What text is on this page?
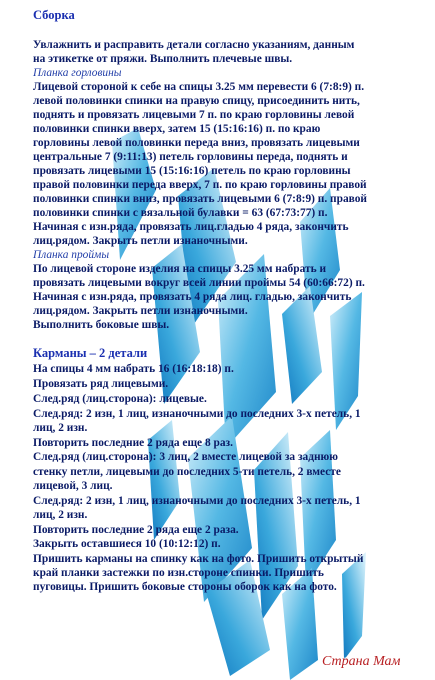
Сборка

Увлажнить и расправить детали согласно указаниям, данным

на этикетке от пряжи. Выполнить плечевые швы.

Планка горловины

Лицевой стороной к себе на спицы 3.25 мм перевести 6 (7:8:9) п.

левой половинки спинки на правую спицу, присоединить нить,

поднять и провязать лицевыми 7 п. по краю горловины левой

половинки спинки вверх, затем 15 (15:16:16) п. по краю

горловины левой половинки переда вниз, провязать лицевыми

центральные 7 (9:11:13) петель горловины переда, поднять и

провязать лицевыми 15 (15:16:16) петель по краю горловины

правой половинки переда вверх, 7 п. по краю горловины правой

половинки спинки вниз, провязать лицевыми 6 (7:8:9) п. правой

половинки спинки с вязальной булавки = 63 (67:73:77) п.

Начиная с изн.ряда, провязать лиц.гладью 4 ряда, закончить

лиц.рядом. Закрыть петли изнаночными.

Планка проймы

По лицевой стороне изделия на спицы 3.25 мм набрать и

провязать лицевыми вокруг всей линии проймы 54 (60:66:72) п.

Начиная с изн.ряда, провязать 4 ряда лиц. гладью, закончить

лиц.рядом. Закрыть петли изнаночными.

Выполнить боковые швы.

Карманы – 2 детали

На спицы 4 мм набрать 16 (16:18:18) п.

Провязать ряд лицевыми.

След.ряд (лиц.сторона): лицевые.

След.ряд: 2 изн, 1 лиц, изнаночными до последних 3-х петель, 1

лиц, 2 изн.

Повторить последние 2 ряда еще 8 раз.

След.ряд (лиц.сторона): 3 лиц, 2 вместе лицевой за заднюю

стенку петли, лицевыми до последних 5-ти петель, 2 вместе

лицевой, 3 лиц.

След.ряд: 2 изн, 1 лиц, изнаночными до последних 3-х петель, 1

лиц, 2 изн.

Повторить последние 2 ряда еще 2 раза.

Закрыть оставшиеся 10 (10:12:12) п.

Пришить карманы на спинку как на фото. Пришить открытый

край планки застежки по изн.стороне спинки. Пришить

пуговицы. Пришить боковые стороны оборок как на фото.

Страна Мам
